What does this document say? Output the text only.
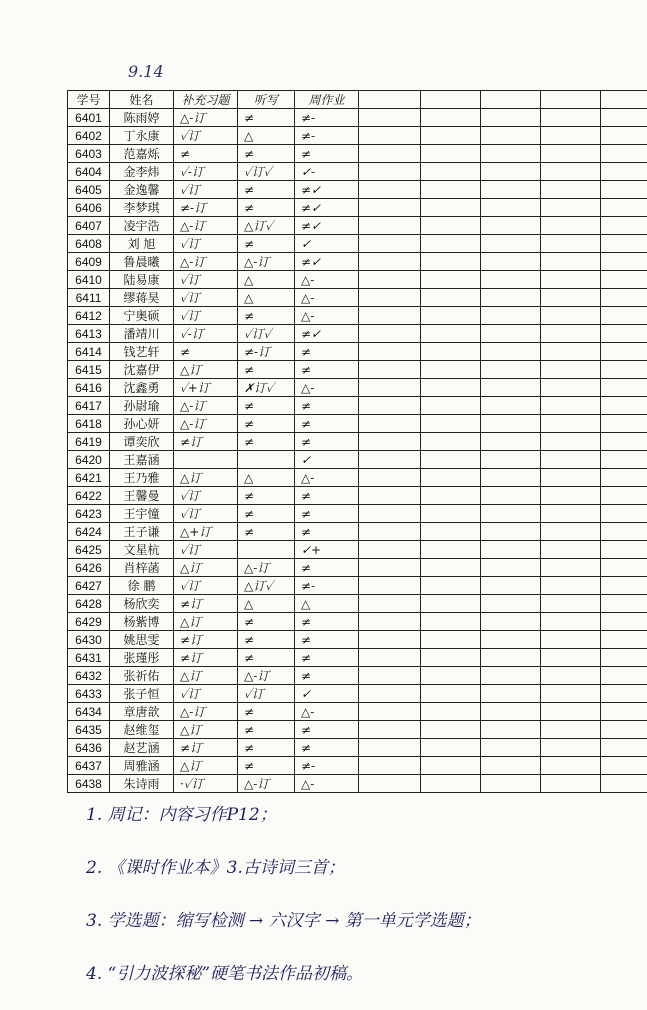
9.14
学号	姓名	补充习题	听写	周作业					
6401	陈雨婷	△-订	≠	≠-					
6402	丁永康	✓订	△	≠-					
6403	范嘉烁	≠	≠	≠					
6404	金李炜	✓-订	✓订✓	✓-					
6405	金逸馨	✓订	≠	≠✓					
6406	李梦琪	≠-订	≠	≠✓					
6407	凌宇浩	△-订	△订✓	≠✓					
6408	刘 旭	✓订	≠	✓					
6409	鲁晨曦	△-订	△-订	≠✓					
6410	陆易康	✓订	△	△-					
6411	缪蒋昊	✓订	△	△-					
6412	宁奥硕	✓订	≠	△-					
6413	潘靖川	✓-订	✓订✓	≠✓					
6414	钱艺轩	≠	≠-订	≠					
6415	沈嘉伊	△订	≠	≠					
6416	沈鑫勇	✓+订	✗订✓	△-					
6417	孙尉瑜	△-订	≠	≠					
6418	孙心妍	△-订	≠	≠					
6419	谭奕欣	≠订	≠	≠					
6420	王嘉涵			✓					
6421	王乃雅	△订	△	△-					
6422	王馨曼	✓订	≠	≠					
6423	王宇憧	✓订	≠	≠					
6424	王子谦	△+订	≠	≠					
6425	文星杭	✓订		✓+					
6426	肖梓菡	△订	△-订	≠					
6427	徐 鹏	✓订	△订✓	≠-					
6428	杨欣奕	≠订	△	△					
6429	杨紫博	△订	≠	≠					
6430	姚思雯	≠订	≠	≠					
6431	张瑾彤	≠订	≠	≠					
6432	张祈佑	△订	△-订	≠					
6433	张子恒	✓订	✓订	✓					
6434	章唐歆	△-订	≠	△-					
6435	赵维玺	△订	≠	≠					
6436	赵艺涵	≠订	≠	≠					
6437	周雅涵	△订	≠	≠-					
6438	朱诗雨	·✓订	△-订	△-					
1. 周记：内容习作P12；
2. 《课时作业本》3.古诗词三首；
3. 学选题：缩写检测 → 六汉字 → 第一单元学选题；
4. “引力波探秘”硬笔书法作品初稿。
